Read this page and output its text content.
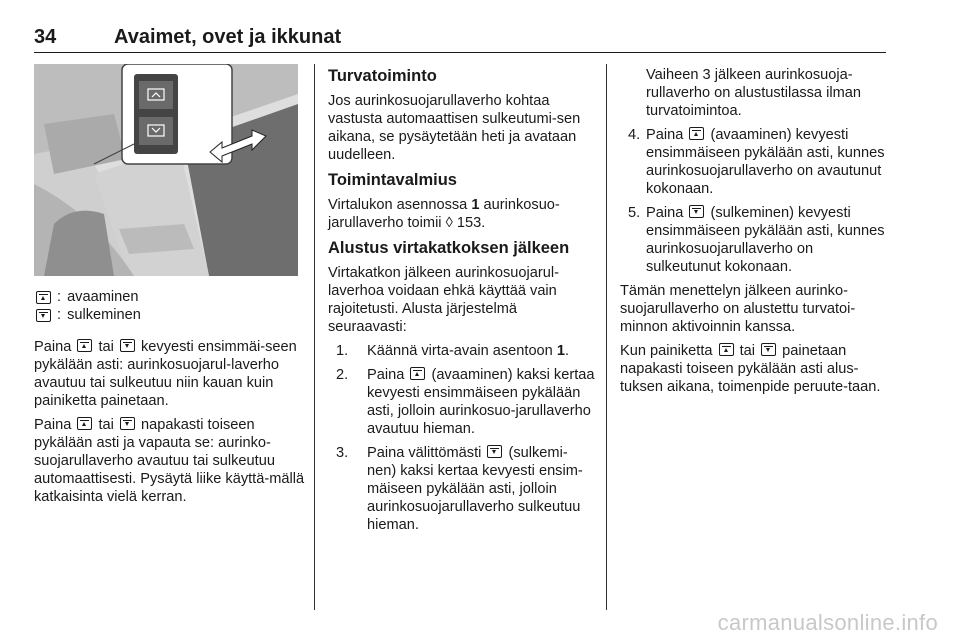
34	Avaimet, ovet ja ikkunat
: avaaminen
: sulkeminen

Paina tai kevyesti ensimmäi-seen pykälään asti: aurinkosuojarul-laverho avautuu tai sulkeutuu niin kauan kuin painiketta painetaan.

Paina tai napakasti toiseen pykälään asti ja vapauta se: aurinko-suojarullaverho avautuu tai sulkeutuu automaattisesti. Pysäytä liike käyttä-mällä katkaisinta vielä kerran.

Turvatoiminto

Jos aurinkosuojarullaverho kohtaa vastusta automaattisen sulkeutumi-sen aikana, se pysäytetään heti ja avataan uudelleen.

Toimintavalmius

Virtalukon asennossa 1 aurinkosuo-jarullaverho toimii ◊ 153.

Alustus virtakatkoksen jälkeen

Virtakatkon jälkeen aurinkosuojarul-laverhoa voidaan ehkä käyttää vain rajoitetusti. Alusta järjestelmä seuraavasti:

1. Käännä virta-avain asentoon 1.
2. Paina (avaaminen) kaksi kertaa kevyesti ensimmäiseen pykälään asti, jolloin aurinkosuo-jarullaverho avautuu hieman.
3. Paina välittömästi (sulkemi-nen) kaksi kertaa kevyesti ensim-mäiseen pykälään asti, jolloin aurinkosuojarullaverho sulkeutuu hieman.

Vaiheen 3 jälkeen aurinkosuoja-rullaverho on alustustilassa ilman turvatoimintoa.

4. Paina (avaaminen) kevyesti ensimmäiseen pykälään asti, kunnes aurinkosuojarullaverho on avautunut kokonaan.
5. Paina (sulkeminen) kevyesti ensimmäiseen pykälään asti, kunnes aurinkosuojarullaverho on sulkeutunut kokonaan.

Tämän menettelyn jälkeen aurinko-suojarullaverho on alustettu turvatoi-minnon aktivoinnin kanssa.

Kun painiketta tai painetaan napakasti toiseen pykälään asti alus-tuksen aikana, toimenpide peruute-taan.

carmanualsonline.info
